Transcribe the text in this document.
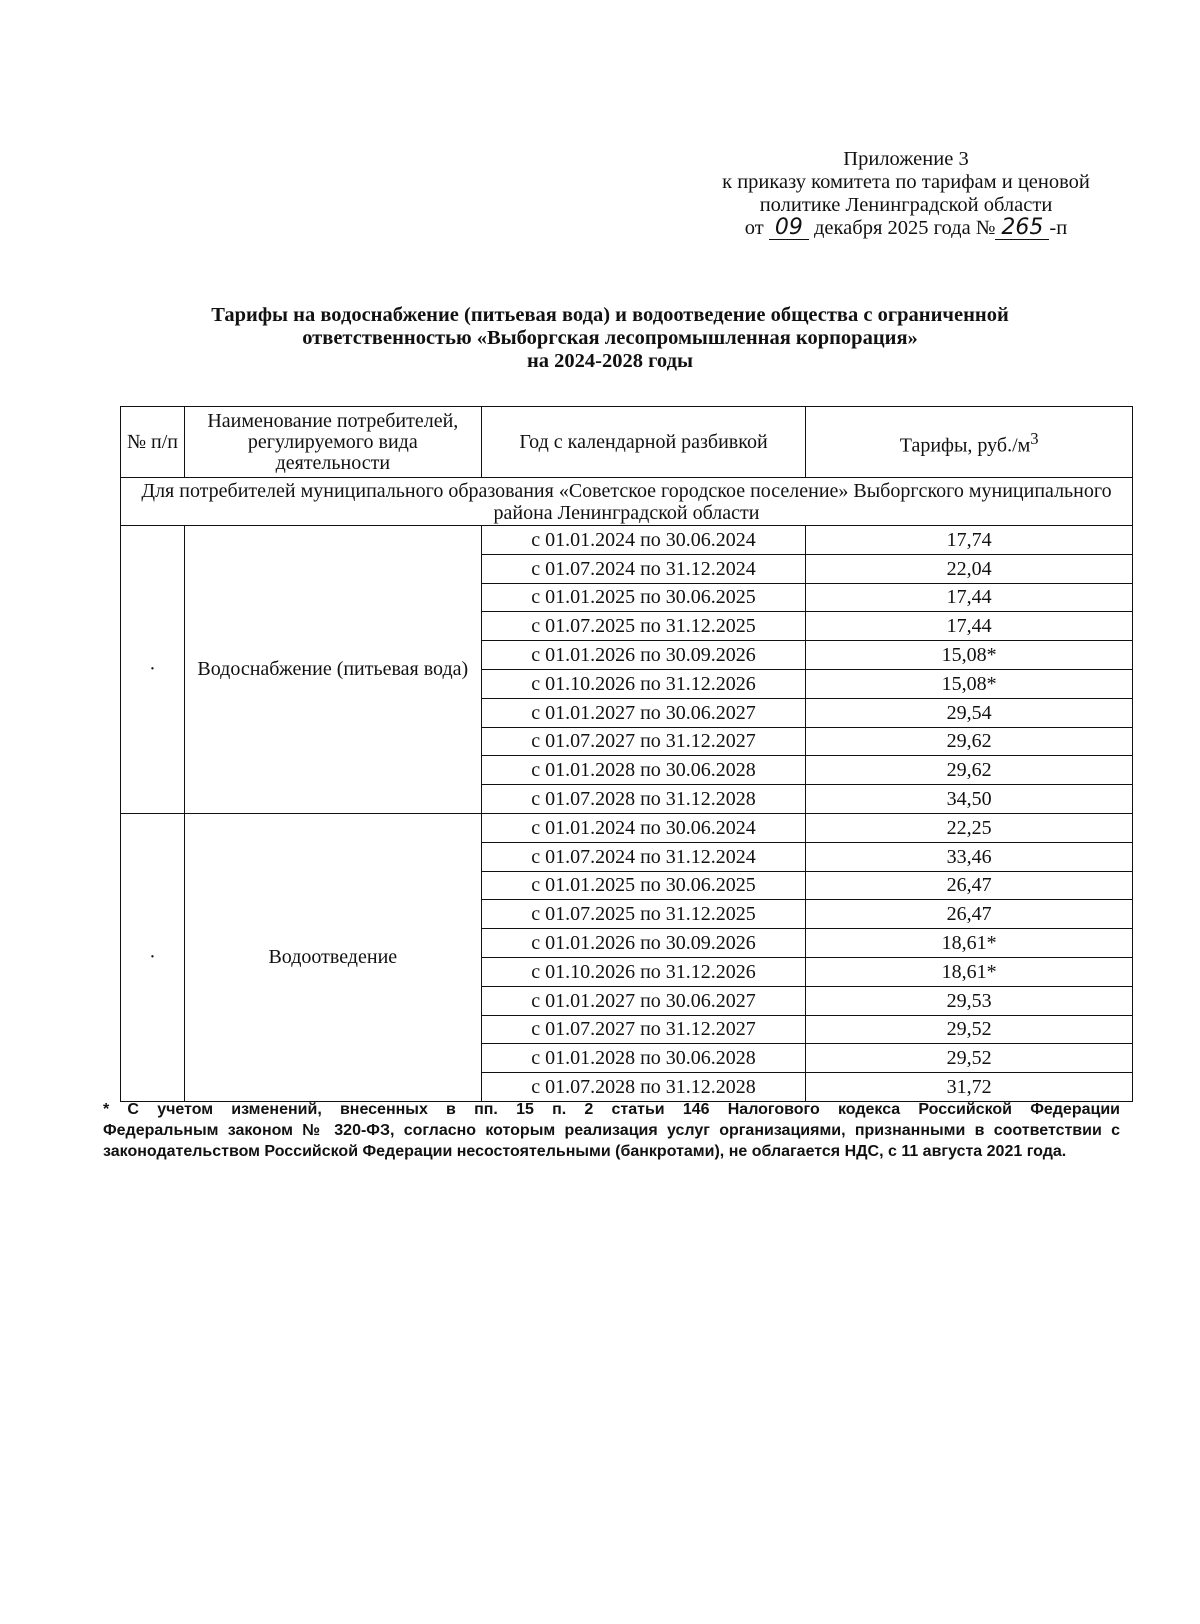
Приложение 3
к приказу комитета по тарифам и ценовой
политике Ленинградской области
от 09 декабря 2025 года № 265 -п
Тарифы на водоснабжение (питьевая вода) и водоотведение общества с ограниченной
ответственностью «Выборгская лесопромышленная корпорация»
на 2024-2028 годы
№ п/п	Наименование потребителей, регулируемого вида деятельности	Год с календарной разбивкой	Тарифы, $руб./м^3$
Для потребителей муниципального образования «Советское городское поселение» Выборгского муниципального района Ленинградской области			
·	Водоснабжение (питьевая вода)	с 01.01.2024 по 30.06.2024	17,74
		с 01.07.2024 по 31.12.2024	22,04
		с 01.01.2025 по 30.06.2025	17,44
		с 01.07.2025 по 31.12.2025	17,44
		с 01.01.2026 по 30.09.2026	15,08*
		с 01.10.2026 по 31.12.2026	15,08*
		с 01.01.2027 по 30.06.2027	29,54
		с 01.07.2027 по 31.12.2027	29,62
		с 01.01.2028 по 30.06.2028	29,62
		с 01.07.2028 по 31.12.2028	34,50
·	Водоотведение	с 01.01.2024 по 30.06.2024	22,25
		с 01.07.2024 по 31.12.2024	33,46
		с 01.01.2025 по 30.06.2025	26,47
		с 01.07.2025 по 31.12.2025	26,47
		с 01.01.2026 по 30.09.2026	18,61*
		с 01.10.2026 по 31.12.2026	18,61*
		с 01.01.2027 по 30.06.2027	29,53
		с 01.07.2027 по 31.12.2027	29,52
		с 01.01.2028 по 30.06.2028	29,52
		с 01.07.2028 по 31.12.2028	31,72
* С учетом изменений, внесенных в пп. 15 п. 2 статьи 146 Налогового кодекса Российской Федерации
Федеральным законом № 320-ФЗ, согласно которым реализация услуг организациями, признанными в соответствии с
законодательством Российской Федерации несостоятельными (банкротами), не облагается НДС, с 11 августа 2021 года.
